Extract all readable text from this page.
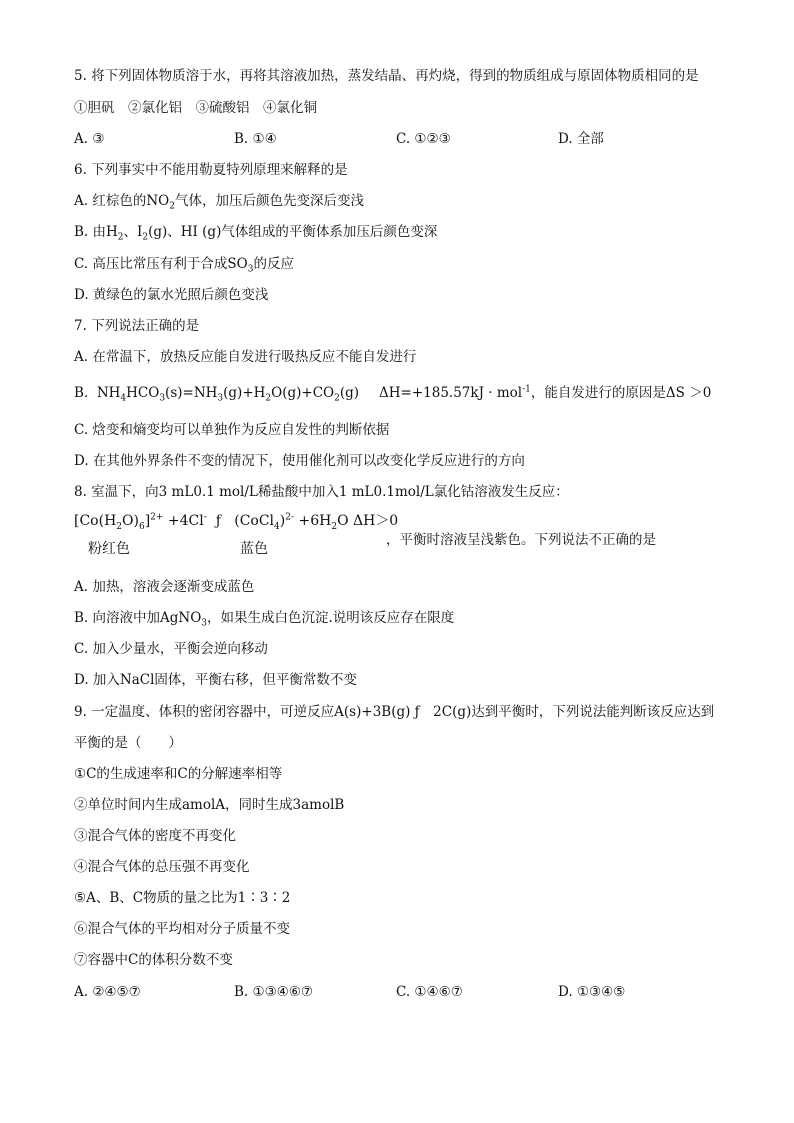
5. 将下列固体物质溶于水，再将其溶液加热，蒸发结晶、再灼烧，得到的物质组成与原固体物质相同的是
①胆矾　②氯化铝　③硫酸铝　④氯化铜
A. ③	B. ①④	C. ①②③	D. 全部
6. 下列事实中不能用勒夏特列原理来解释的是
A. 红棕色的$NO_2$气体，加压后颜色先变深后变浅
B. 由$H_2$、$I_2(g)$、HI (g)气体组成的平衡体系加压后颜色变深
C. 高压比常压有利于合成$SO_3$的反应
D. 黄绿色的氯水光照后颜色变浅
7. 下列说法正确的是
A. 在常温下，放热反应能自发进行吸热反应不能自发进行
B. $NH_4HCO_3(s)=NH_3(g)+H_2O(g)+CO_2(g) \Delta H=+185.57kJ \cdot mol^{-1}$，能自发进行的原因是ΔS ＞0
C. 焓变和熵变均可以单独作为反应自发性的判断依据
D. 在其他外界条件不变的情况下，使用催化剂可以改变化学反应进行的方向
8. 室温下，向3 mL0.1 mol/L稀盐酸中加入1 mL0.1mol/L氯化钴溶液发生反应：
$[Co(H_2O)_6]^{2+} +4Cl^-$ ƒ (CoCl$_4$)$^{2-}$ $+6H_2O$ ΔH＞0
粉红色	蓝色
，平衡时溶液呈浅紫色。下列说法不正确的是
A. 加热，溶液会逐渐变成蓝色
B. 向溶液中加AgNO$_3$，如果生成白色沉淀.说明该反应存在限度
C. 加入少量水，平衡会逆向移动
D. 加入NaCl固体，平衡右移，但平衡常数不变
9. 一定温度、体积的密闭容器中，可逆反应A(s)+3B(g) ƒ　2C(g)达到平衡时，下列说法能判断该反应达到
平衡的是（　　）
①C的生成速率和C的分解速率相等
②单位时间内生成amolA，同时生成3amolB
③混合气体的密度不再变化
④混合气体的总压强不再变化
⑤A、B、C物质的量之比为1∶3∶2
⑥混合气体的平均相对分子质量不变
⑦容器中C的体积分数不变
A. ②④⑤⑦	B. ①③④⑥⑦	C. ①④⑥⑦	D. ①③④⑤
